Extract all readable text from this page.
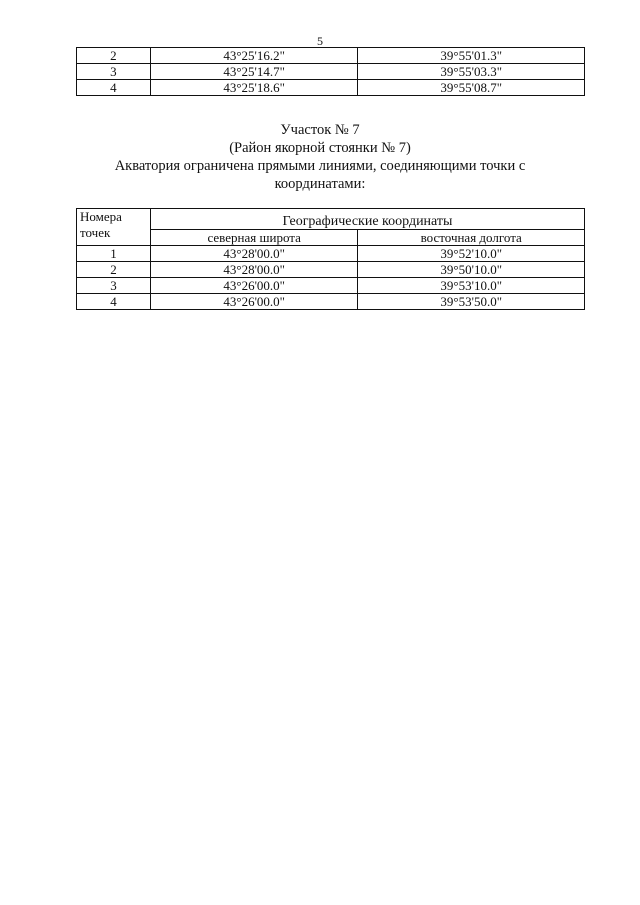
5
2	43°25'16.2"	39°55'01.3"
3	43°25'14.7"	39°55'03.3"
4	43°25'18.6"	39°55'08.7"
Участок № 7
(Район якорной стоянки № 7)
Акватория ограничена прямыми линиями, соединяющими точки с координатами:
Номера
точек	Географические координаты	
	северная широта	восточная долгота
1	43°28'00.0"	39°52'10.0"
2	43°28'00.0"	39°50'10.0"
3	43°26'00.0"	39°53'10.0"
4	43°26'00.0"	39°53'50.0"
